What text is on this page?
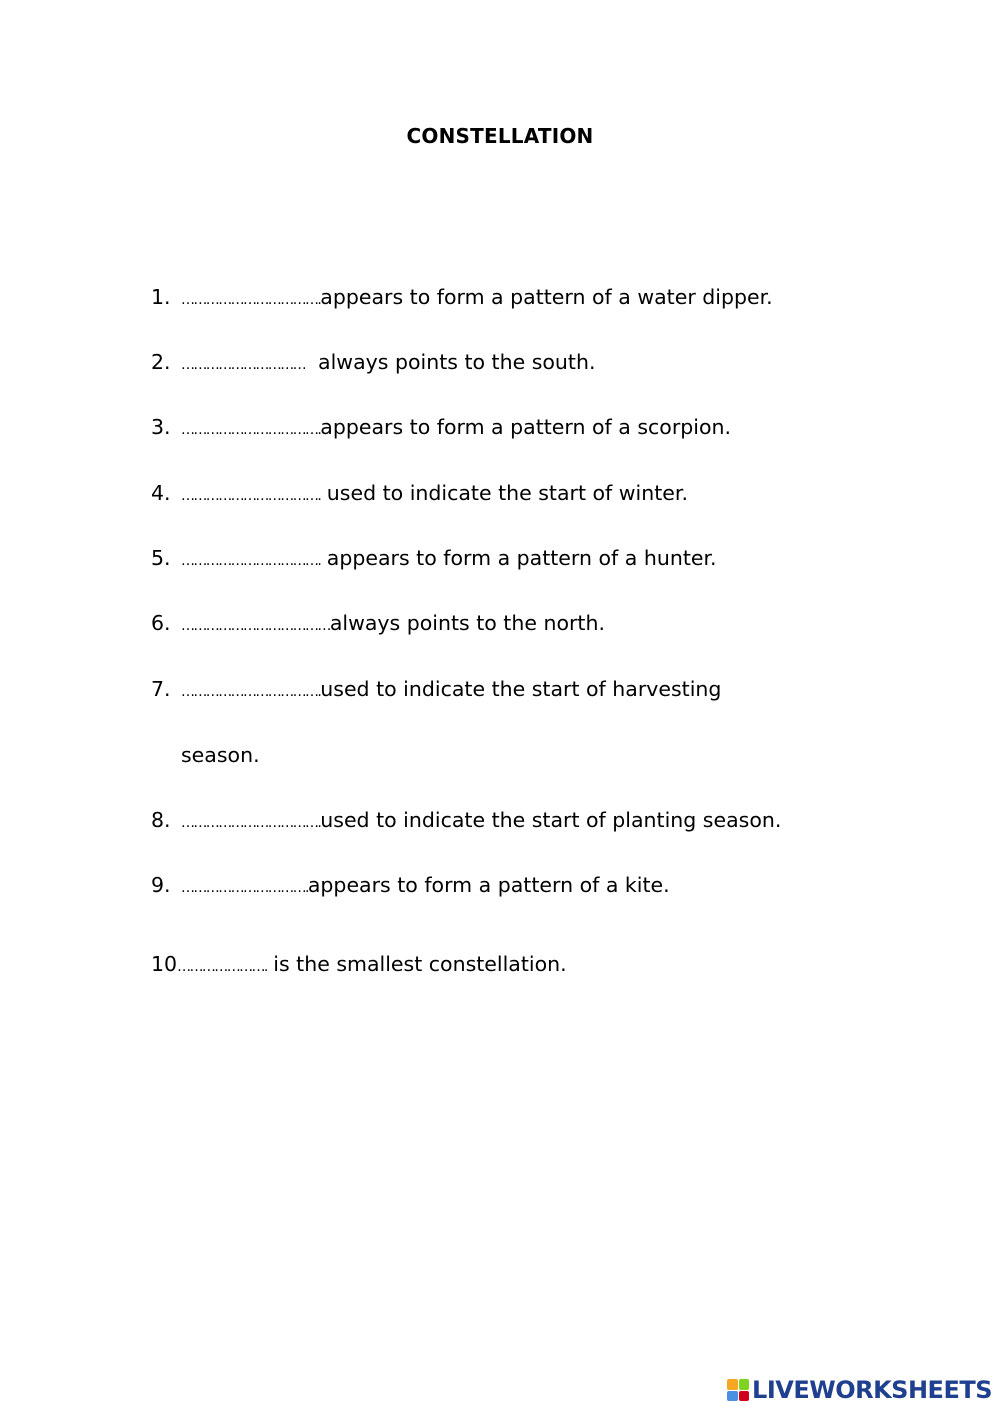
CONSTELLATION
1. …………………………….appears to form a pattern of a water dipper.
2. …………………………  always points to the south.
3. …………………………….appears to form a pattern of a scorpion.
4. ……………………………. used to indicate the start of winter.
5. ……………………………. appears to form a pattern of a hunter.
6. ………………………………always points to the north.
7. …………………………….used to indicate the start of harvesting
season.
8. …………………………….used to indicate the start of planting season.
9. ………………………….appears to form a pattern of a kite.
10…………………. is the smallest constellation.
LIVEWORKSHEETS
